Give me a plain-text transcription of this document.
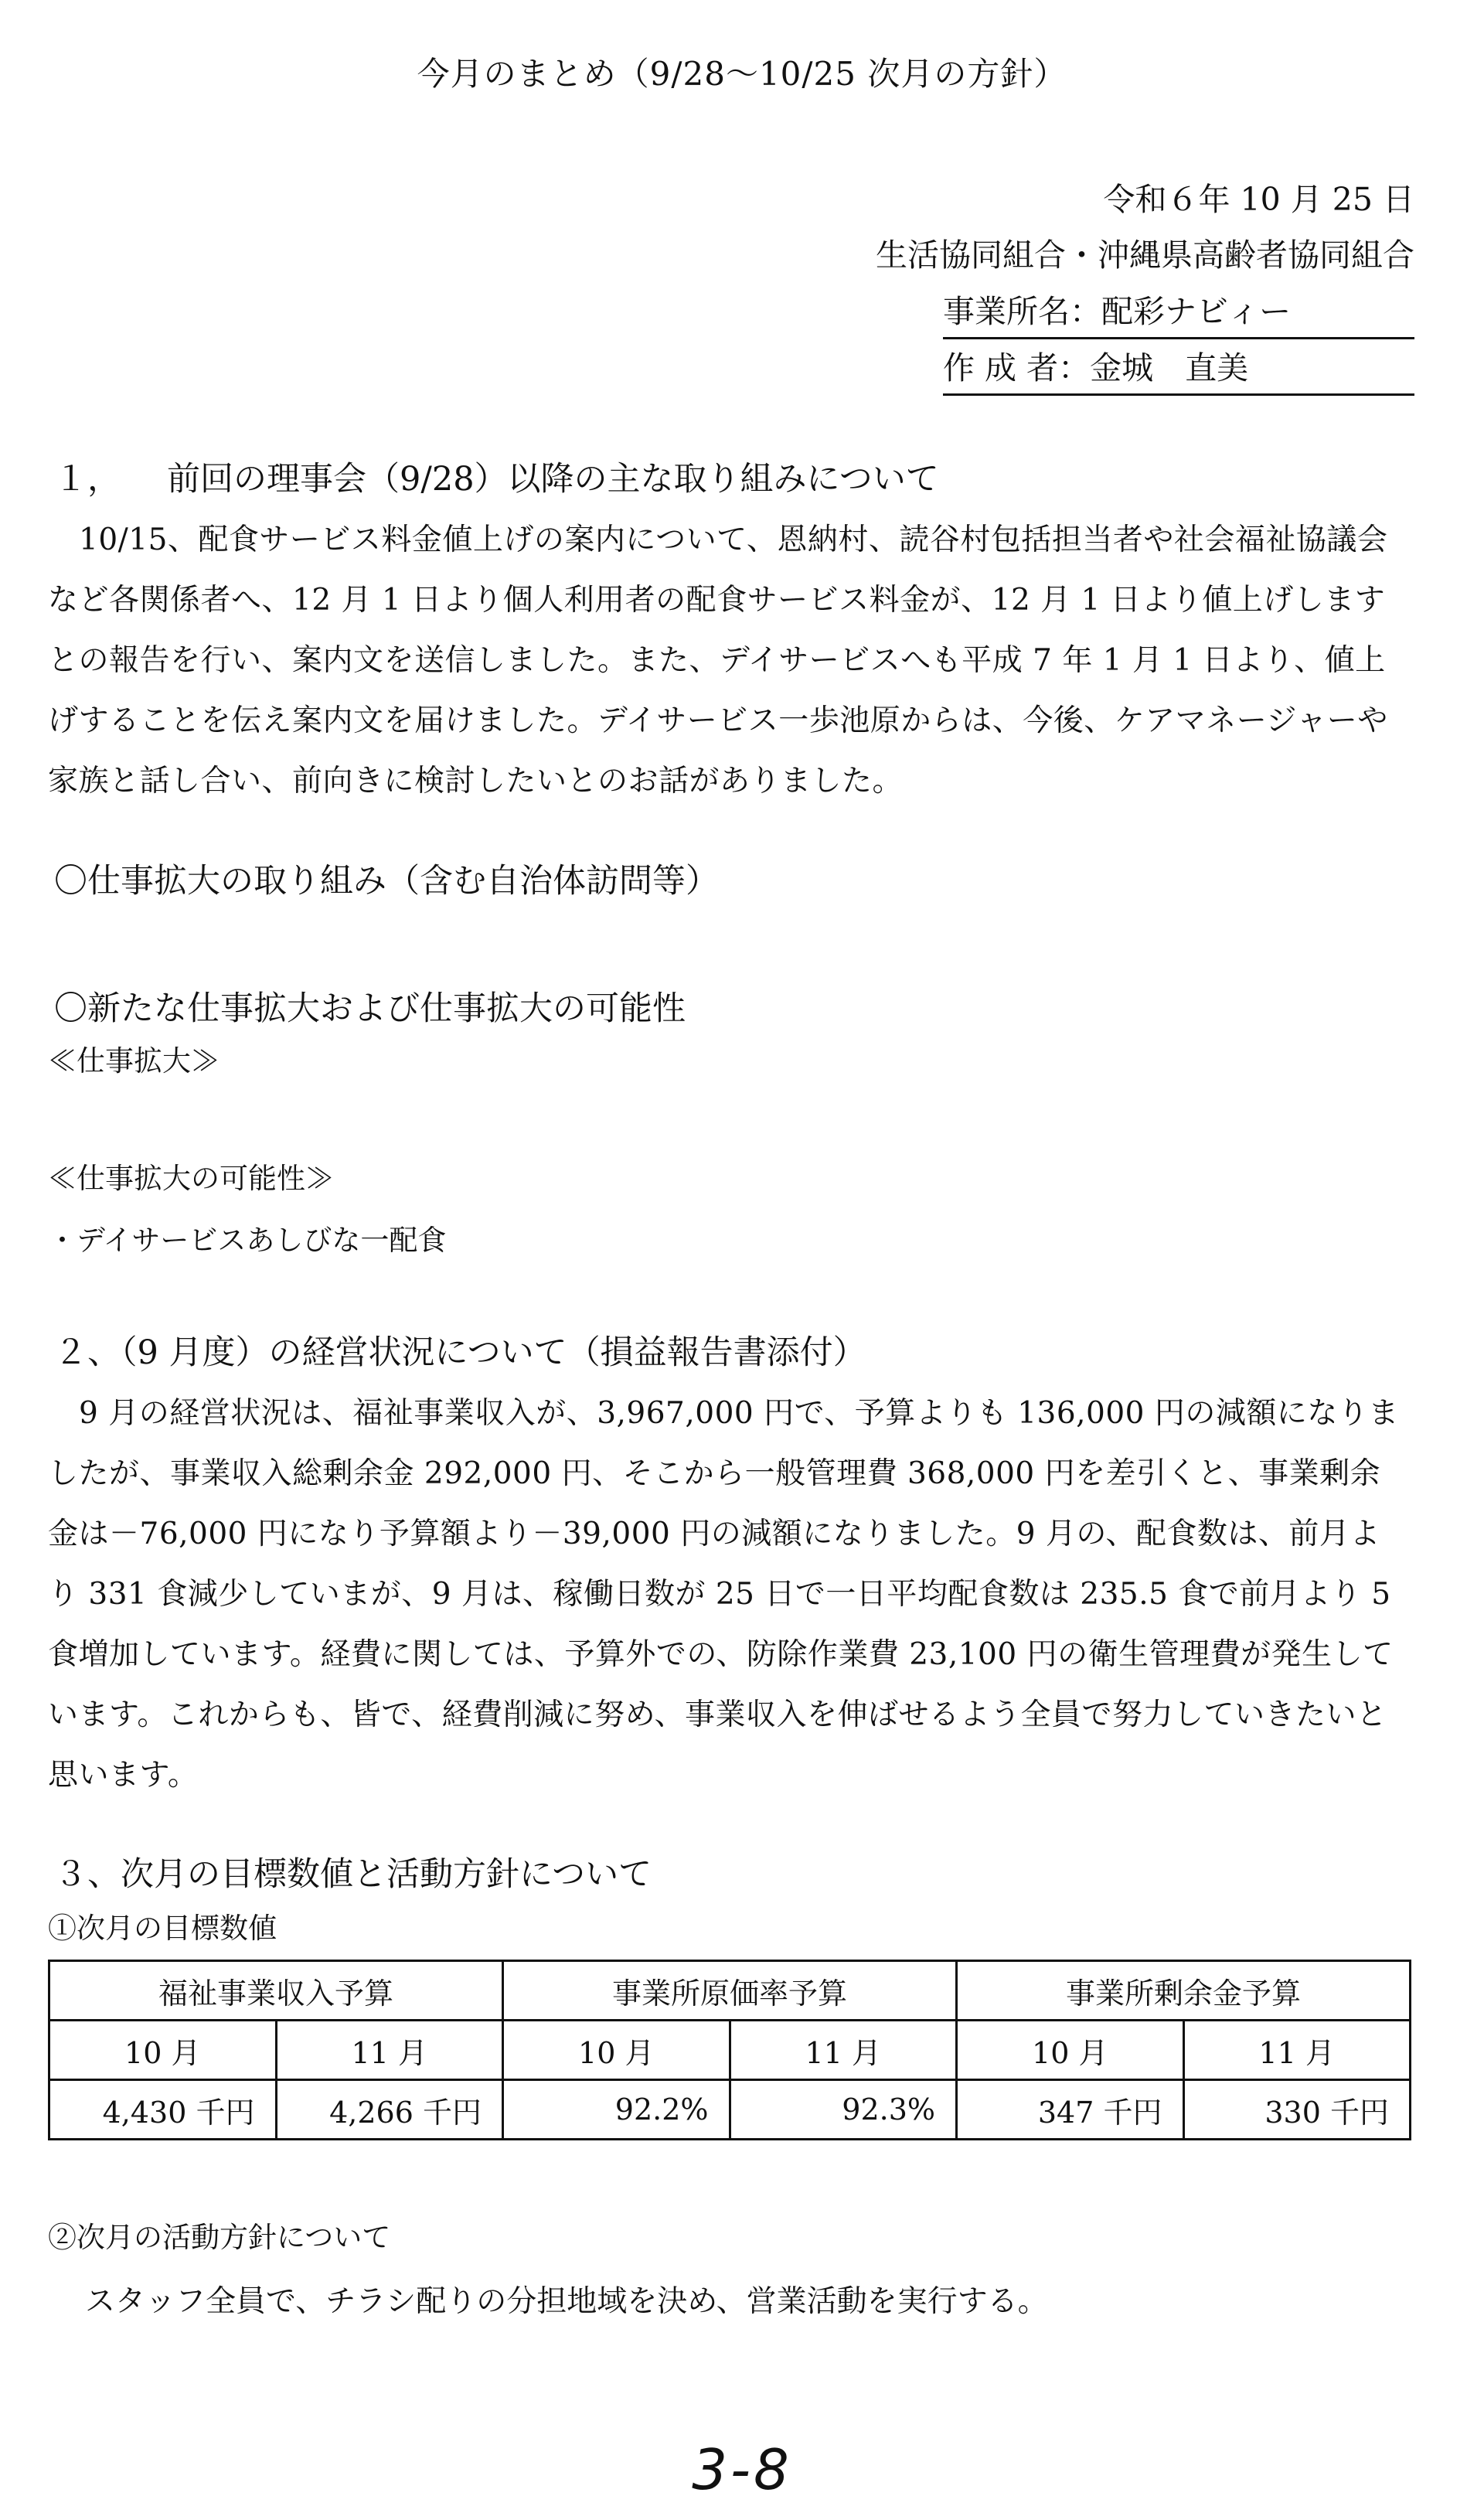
今月のまとめ（9/28～10/25 次月の方針）
令和６年 10 月 25 日
生活協同組合・沖縄県高齢者協同組合
事業所名：配彩ナビィー
作 成 者：金城　直美
１， 前回の理事会（9/28）以降の主な取り組みについて
10/15、配食サービス料金値上げの案内について、恩納村、読谷村包括担当者や社会福祉協議会など各関係者へ、12 月 1 日より個人利用者の配食サービス料金が、12 月 1 日より値上げしますとの報告を行い、案内文を送信しました。また、デイサービスへも平成 7 年 1 月 1 日より、値上げすることを伝え案内文を届けました。デイサービス一歩池原からは、今後、ケアマネージャーや家族と話し合い、前向きに検討したいとのお話がありました。
〇仕事拡大の取り組み（含む自治体訪問等）
〇新たな仕事拡大および仕事拡大の可能性
≪仕事拡大≫
≪仕事拡大の可能性≫
・デイサービスあしびな一配食
２、（9 月度）の経営状況について（損益報告書添付）
9 月の経営状況は、福祉事業収入が、3,967,000 円で、予算よりも 136,000 円の減額になりましたが、事業収入総剰余金 292,000 円、そこから一般管理費 368,000 円を差引くと、事業剰余金は－76,000 円になり予算額より－39,000 円の減額になりました。9 月の、配食数は、前月より 331 食減少していまが、9 月は、稼働日数が 25 日で一日平均配食数は 235.5 食で前月より 5 食増加しています。経費に関しては、予算外での、防除作業費 23,100 円の衛生管理費が発生しています。これからも、皆で、経費削減に努め、事業収入を伸ばせるよう全員で努力していきたいと思います。
３、次月の目標数値と活動方針について
①次月の目標数値
福祉事業収入予算		事業所原価率予算		事業所剰余金予算	
10 月	11 月	10 月	11 月	10 月	11 月
4,430 千円	4,266 千円	92.2%	92.3%	347 千円	330 千円
②次月の活動方針について
スタッフ全員で、チラシ配りの分担地域を決め、営業活動を実行する。
3-8
